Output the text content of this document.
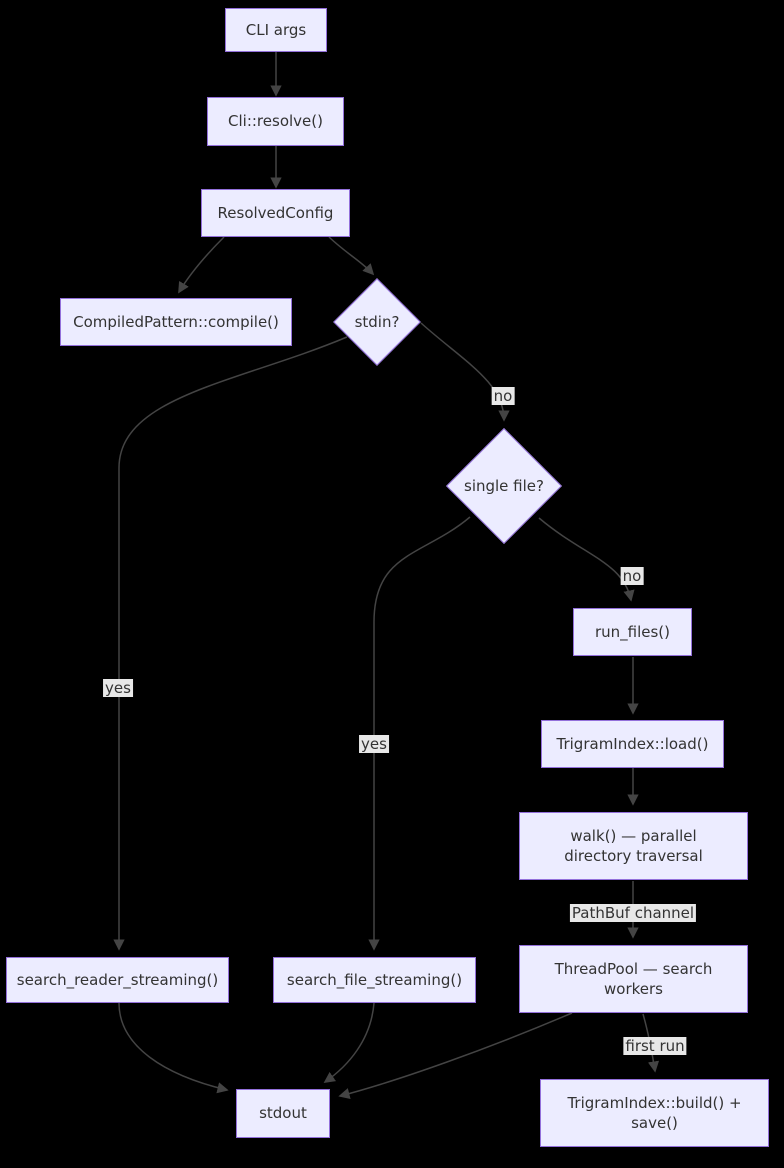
CLI args
Cli::resolve()
ResolvedConfig
CompiledPattern::compile()	stdin?
single file?
run_files()
TrigramIndex::load()
walk() — parallel directory traversal
ThreadPool — search workers
TrigramIndex::build() + save()
search_reader_streaming()	search_file_streaming()
stdout
yes
no
yes
no
PathBuf channel
first run
